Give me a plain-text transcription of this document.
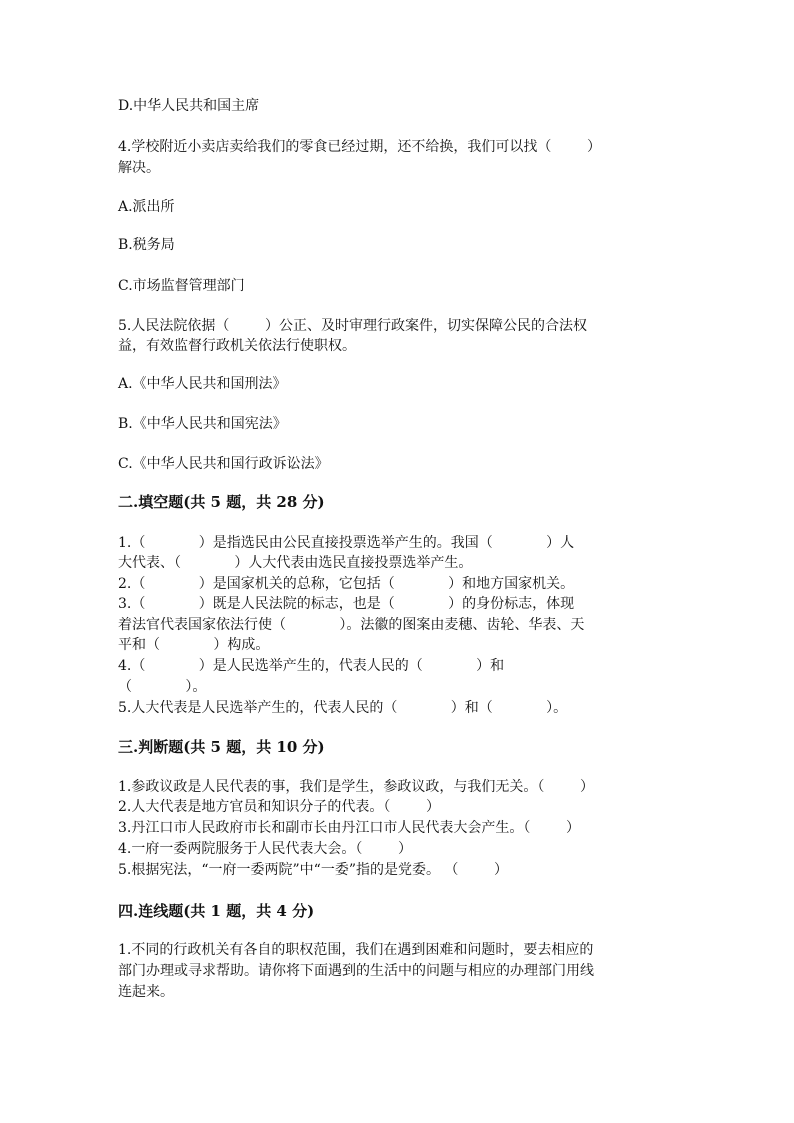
D.中华人民共和国主席
4.学校附近小卖店卖给我们的零食已经过期，还不给换，我们可以找（        ）
解决。
A.派出所
B.税务局
C.市场监督管理部门
5.人民法院依据（        ）公正、及时审理行政案件，切实保障公民的合法权
益，有效监督行政机关依法行使职权。
A.《中华人民共和国刑法》
B.《中华人民共和国宪法》
C.《中华人民共和国行政诉讼法》
二.填空题(共 5 题，共 28 分)
1.（            ）是指选民由公民直接投票选举产生的。我国（            ）人
大代表、（            ）人大代表由选民直接投票选举产生。
2.（            ）是国家机关的总称，它包括（            ）和地方国家机关。
3.（            ）既是人民法院的标志，也是（            ）的身份标志，体现
着法官代表国家依法行使（            ）。法徽的图案由麦穗、齿轮、华表、天
平和（            ）构成。
4.（            ）是人民选举产生的，代表人民的（            ）和
（            ）。
5.人大代表是人民选举产生的，代表人民的（            ）和（            ）。
三.判断题(共 5 题，共 10 分)
1.参政议政是人民代表的事，我们是学生，参政议政，与我们无关。（        ）
2.人大代表是地方官员和知识分子的代表。（        ）
3.丹江口市人民政府市长和副市长由丹江口市人民代表大会产生。（        ）
4.一府一委两院服务于人民代表大会。（        ）
5.根据宪法，“一府一委两院”中“一委”指的是党委。 （        ）
四.连线题(共 1 题，共 4 分)
1.不同的行政机关有各自的职权范围，我们在遇到困难和问题时，要去相应的
部门办理或寻求帮助。请你将下面遇到的生活中的问题与相应的办理部门用线
连起来。
